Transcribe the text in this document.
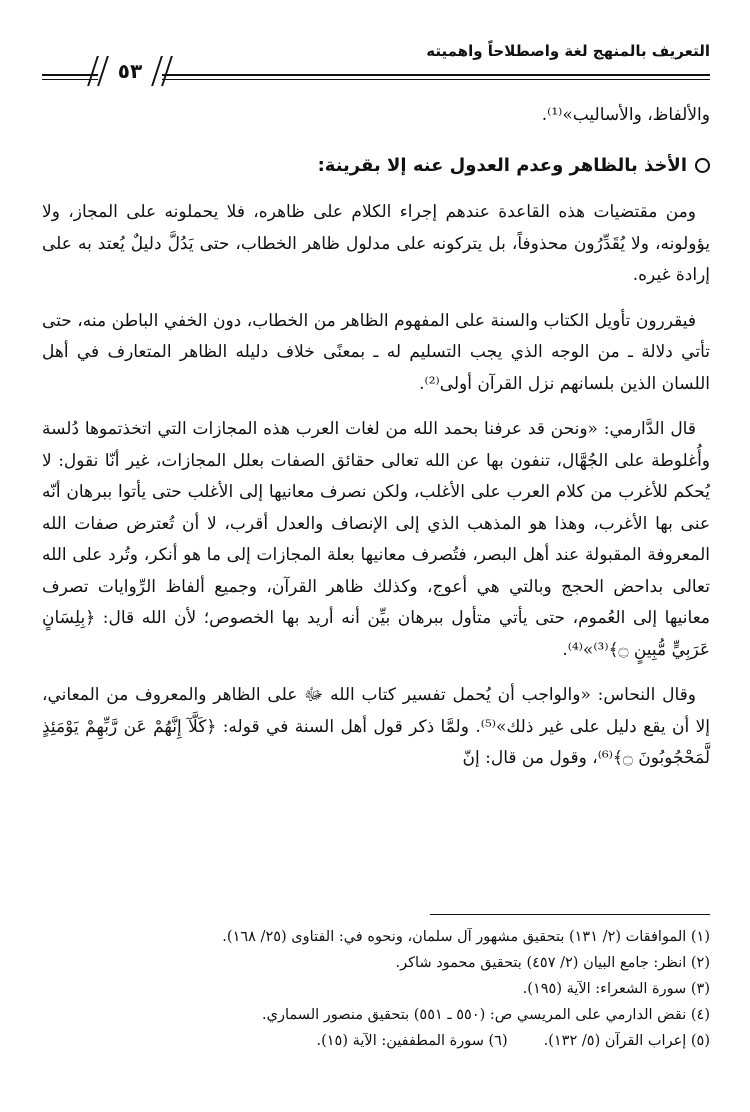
التعريف بالمنهج لغة واصطلاحاً واهميته
٥٣

والألفاظ، والأساليب»⁽¹⁾.

الأخذ بالظاهر وعدم العدول عنه إلا بقرينة:

ومن مقتضيات هذه القاعدة عندهم إجراء الكلام على ظاهره، فلا يحملونه على المجاز، ولا يؤولونه، ولا يُقَدِّرُون محذوفاً، بل يتركونه على مدلول ظاهر الخطاب، حتى يَدُلَّ دليلٌ يُعتد به على إرادة غيره.

فيقررون تأويل الكتاب والسنة على المفهوم الظاهر من الخطاب، دون الخفي الباطن منه، حتى تأتي دلالة ـ من الوجه الذي يجب التسليم له ـ بمعنًى خلاف دليله الظاهر المتعارف في أهل اللسان الذين بلسانهم نزل القرآن أولى⁽²⁾.

قال الدَّارمي: «ونحن قد عرفنا بحمد الله من لغات العرب هذه المجازات التي اتخذتموها دُلسة وأُغلوطة على الجُهَّال، تنفون بها عن الله تعالى حقائق الصفات بعلل المجازات، غير أنّا نقول: لا يُحكم للأغرب من كلام العرب على الأغلب، ولكن نصرف معانيها إلى الأغلب حتى يأتوا ببرهان أنّه عنى بها الأغرب، وهذا هو المذهب الذي إلى الإنصاف والعدل أقرب، لا أن تُعترض صفات الله المعروفة المقبولة عند أهل البصر، فتُصرف معانيها بعلة المجازات إلى ما هو أنكر، وتُرد على الله تعالى بداحض الحجج وبالتي هي أعوج، وكذلك ظاهر القرآن، وجميع ألفاظ الرِّوايات تصرف معانيها إلى العُموم، حتى يأتي متأول ببرهان بيِّن أنه أريد بها الخصوص؛ لأن الله قال: ﴿بِلِسَانٍ عَرَبِيٍّ مُّبِينٍ ۝﴾⁽³⁾»⁽⁴⁾.

وقال النحاس: «والواجب أن يُحمل تفسير كتاب الله ﷻ على الظاهر والمعروف من المعاني، إلا أن يقع دليل على غير ذلك»⁽⁵⁾. ولمَّا ذكر قول أهل السنة في قوله: ﴿كَلَّآ إِنَّهُمْ عَن رَّبِّهِمْ يَوْمَئِذٍ لَّمَحْجُوبُونَ ۝﴾⁽⁶⁾، وقول من قال: إنّ

(١) الموافقات (٢/ ١٣١) بتحقيق مشهور آل سلمان، ونحوه في: الفتاوى (٢٥/ ١٦٨).
(٢) انظر: جامع البيان (٢/ ٤٥٧) بتحقيق محمود شاكر.
(٣) سورة الشعراء: الآية (١٩٥).
(٤) نقض الدارمي على المريسي ص: (٥٥٠ ـ ٥٥١) بتحقيق منصور السماري.
(٥) إعراب القرآن (٥/ ١٣٢).
(٦) سورة المطففين: الآية (١٥).
